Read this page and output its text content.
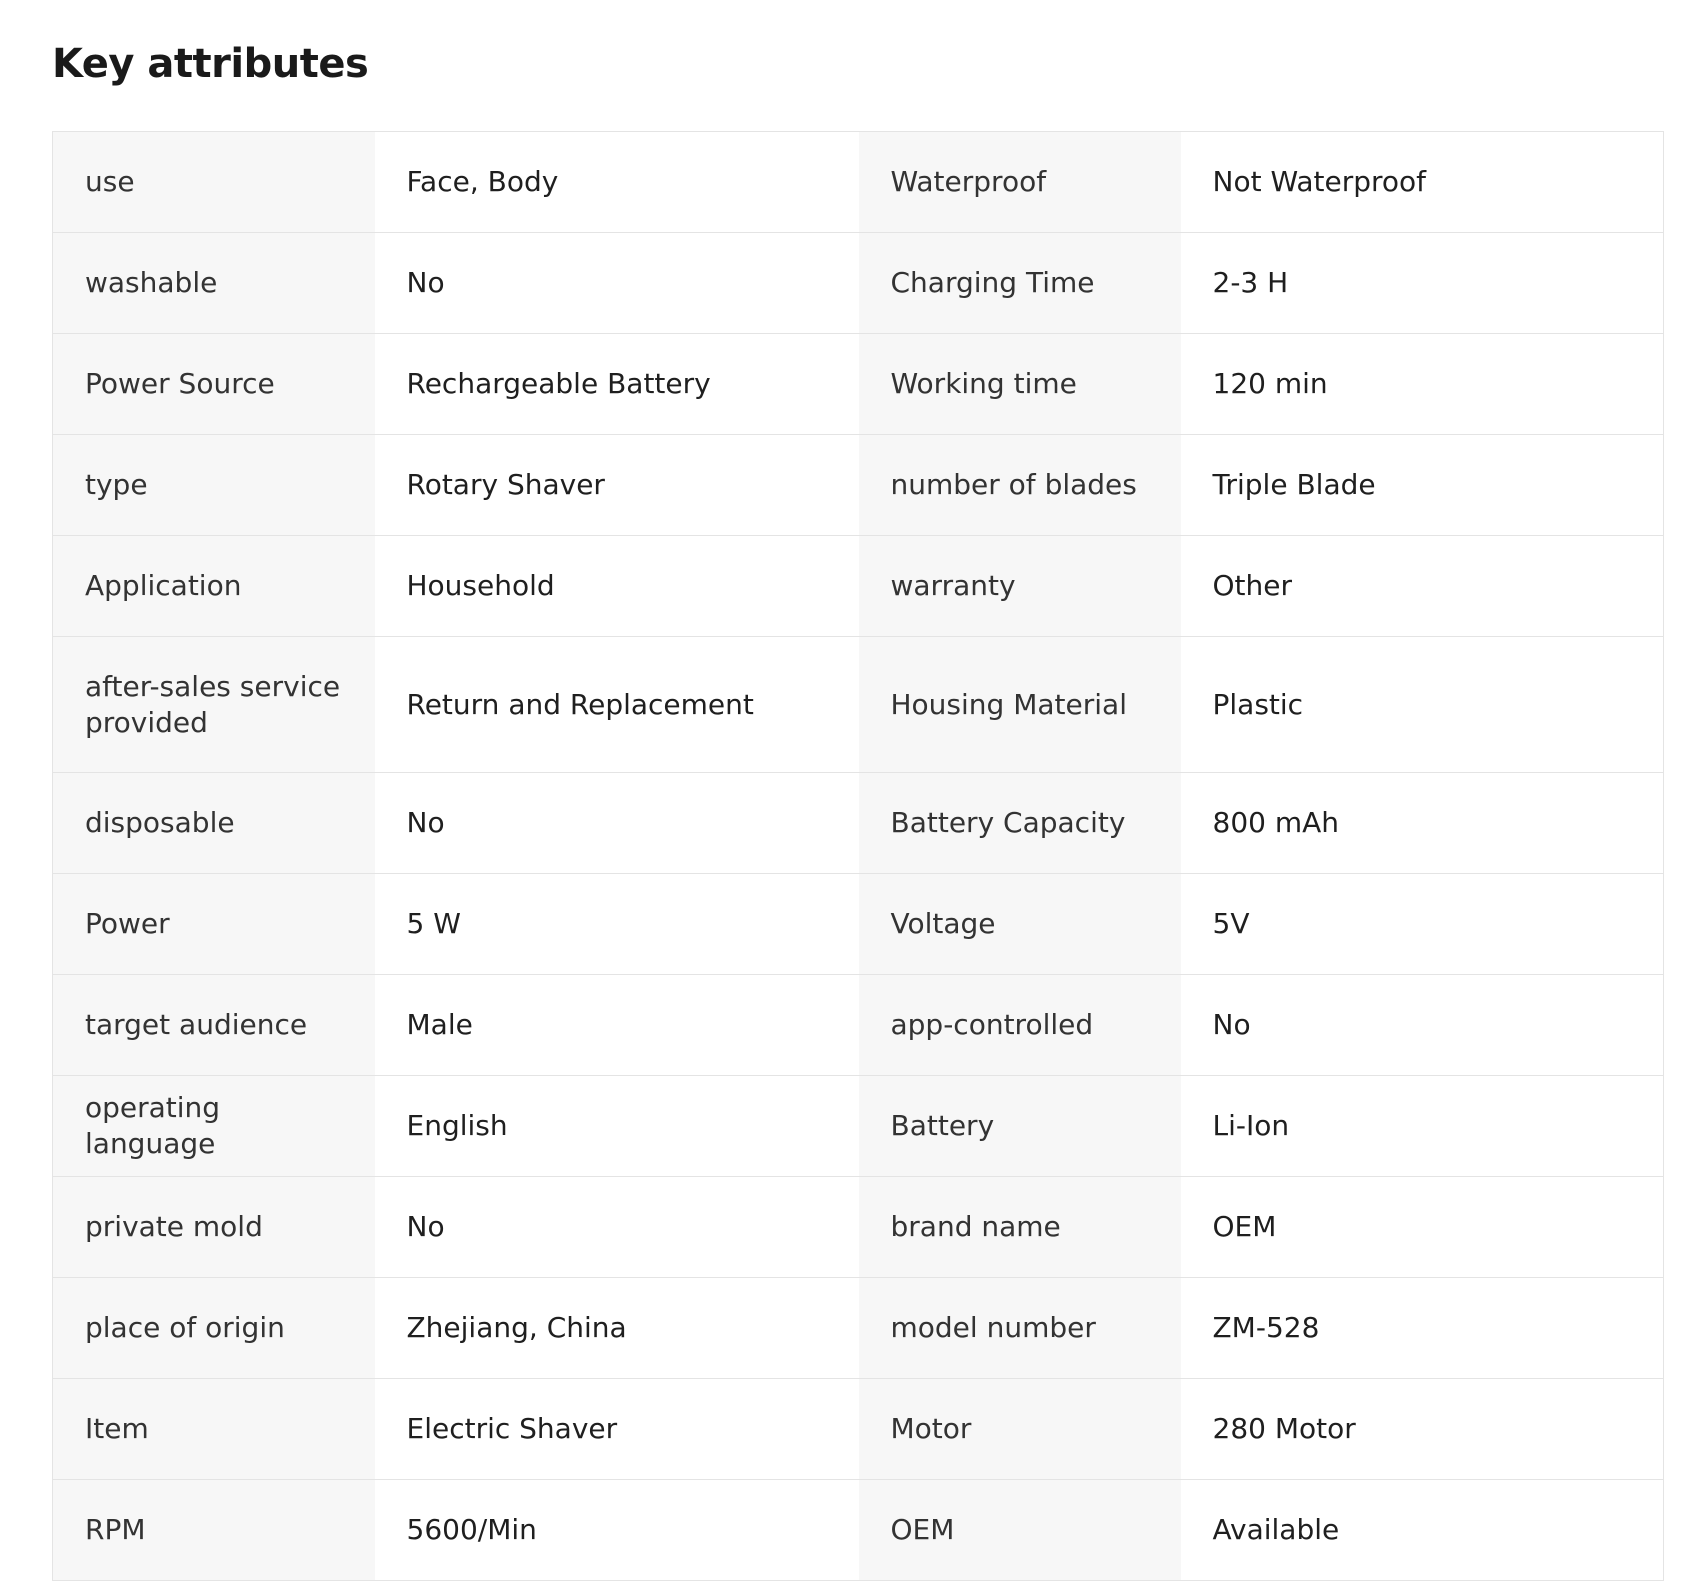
Key attributes
use	Face, Body	Waterproof	Not Waterproof
washable	No	Charging Time	2-3 H
Power Source	Rechargeable Battery	Working time	120 min
type	Rotary Shaver	number of blades	Triple Blade
Application	Household	warranty	Other
after-sales service provided	Return and Replacement	Housing Material	Plastic
disposable	No	Battery Capacity	800 mAh
Power	5 W	Voltage	5V
target audience	Male	app-controlled	No
operating language	English	Battery	Li-Ion
private mold	No	brand name	OEM
place of origin	Zhejiang, China	model number	ZM-528
Item	Electric Shaver	Motor	280 Motor
RPM	5600/Min	OEM	Available
